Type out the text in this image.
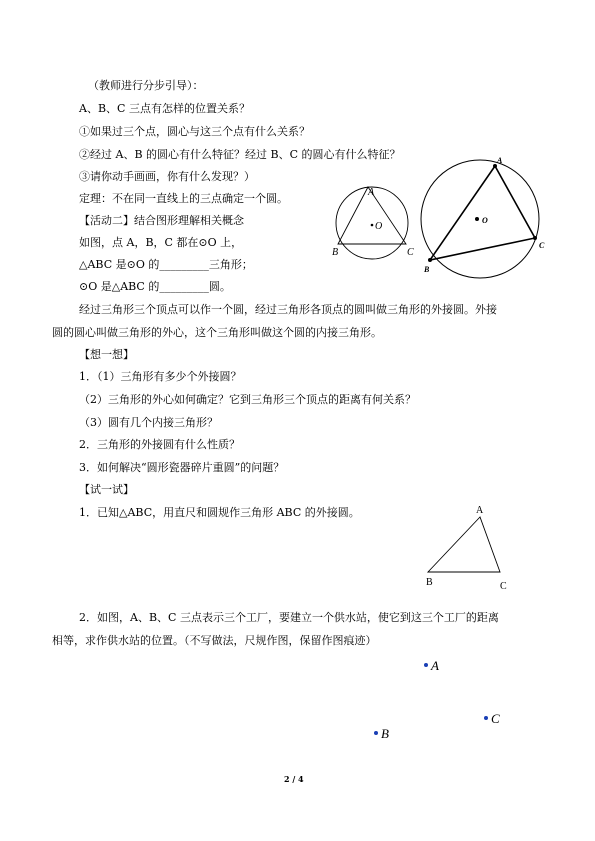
（教师进行分步引导）：
A、B、C 三点有怎样的位置关系？
①如果过三个点，圆心与这三个点有什么关系？
②经过 A、B 的圆心有什么特征？经过 B、C 的圆心有什么特征？
③请你动手画画，你有什么发现？）
定理：不在同一直线上的三点确定一个圆。
【活动二】结合图形理解相关概念
如图，点 A，B，C 都在⊙O 上，
△ABC 是⊙O 的_________三角形；
⊙O 是△ABC 的_________圆。
经过三角形三个顶点可以作一个圆，经过三角形各顶点的圆叫做三角形的外接圆。外接
圆的圆心叫做三角形的外心，这个三角形叫做这个圆的内接三角形。
【想一想】
1．（1）三角形有多少个外接圆？
（2）三角形的外心如何确定？它到三角形三个顶点的距离有何关系？
（3）圆有几个内接三角形？
2．三角形的外接圆有什么性质？
3．如何解决“圆形瓷器碎片重圆”的问题？
【试一试】
1．已知△ABC，用直尺和圆规作三角形 ABC 的外接圆。
2．如图，A、B、C 三点表示三个工厂，要建立一个供水站，使它到这三个工厂的距离
相等，求作供水站的位置。（不写做法，尺规作图，保留作图痕迹）
A
B	C
O
A
B
C
O
A
B	C
A
C
B
2 / 4
